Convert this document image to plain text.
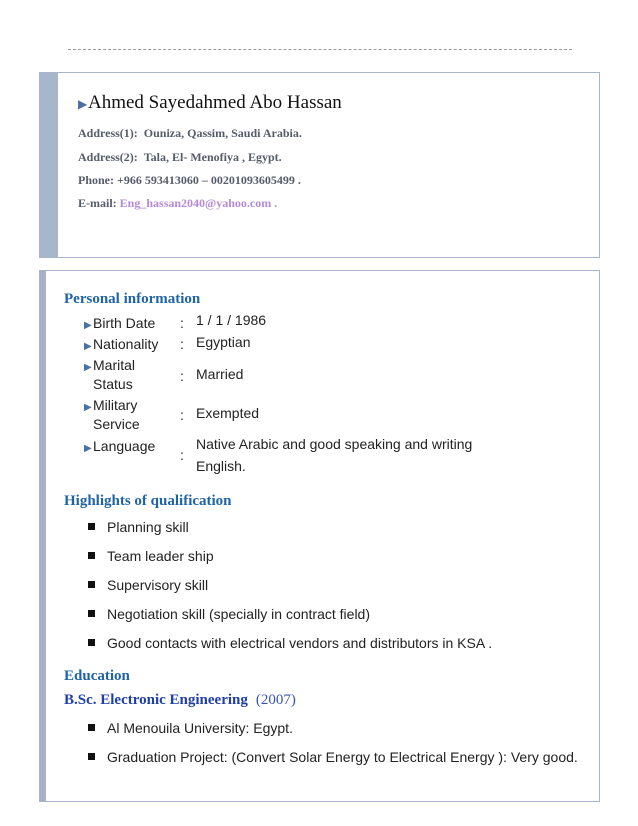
▶Ahmed Sayedahmed Abo Hassan
Address(1): Ouniza, Qassim, Saudi Arabia.
Address(2): Tala, El- Menofiya , Egypt.
Phone: +966 593413060 – 00201093605499 .
E-mail: Eng_hassan2040@yahoo.com .
Personal information
▶Birth Date : 1 / 1 / 1986
▶Nationality : Egyptian
▶Marital
Status	: Married
▶Military
Service
: Exempted
▶Language
:
Native Arabic and good speaking and writing
English.
Highlights of qualification
Planning skill
Team leader ship
Supervisory skill
Negotiation skill (specially in contract field)
Good contacts with electrical vendors and distributors in KSA .
Education
B.Sc. Electronic Engineering (2007)
Al Menouila University: Egypt.
Graduation Project: (Convert Solar Energy to Electrical Energy ): Very good.
